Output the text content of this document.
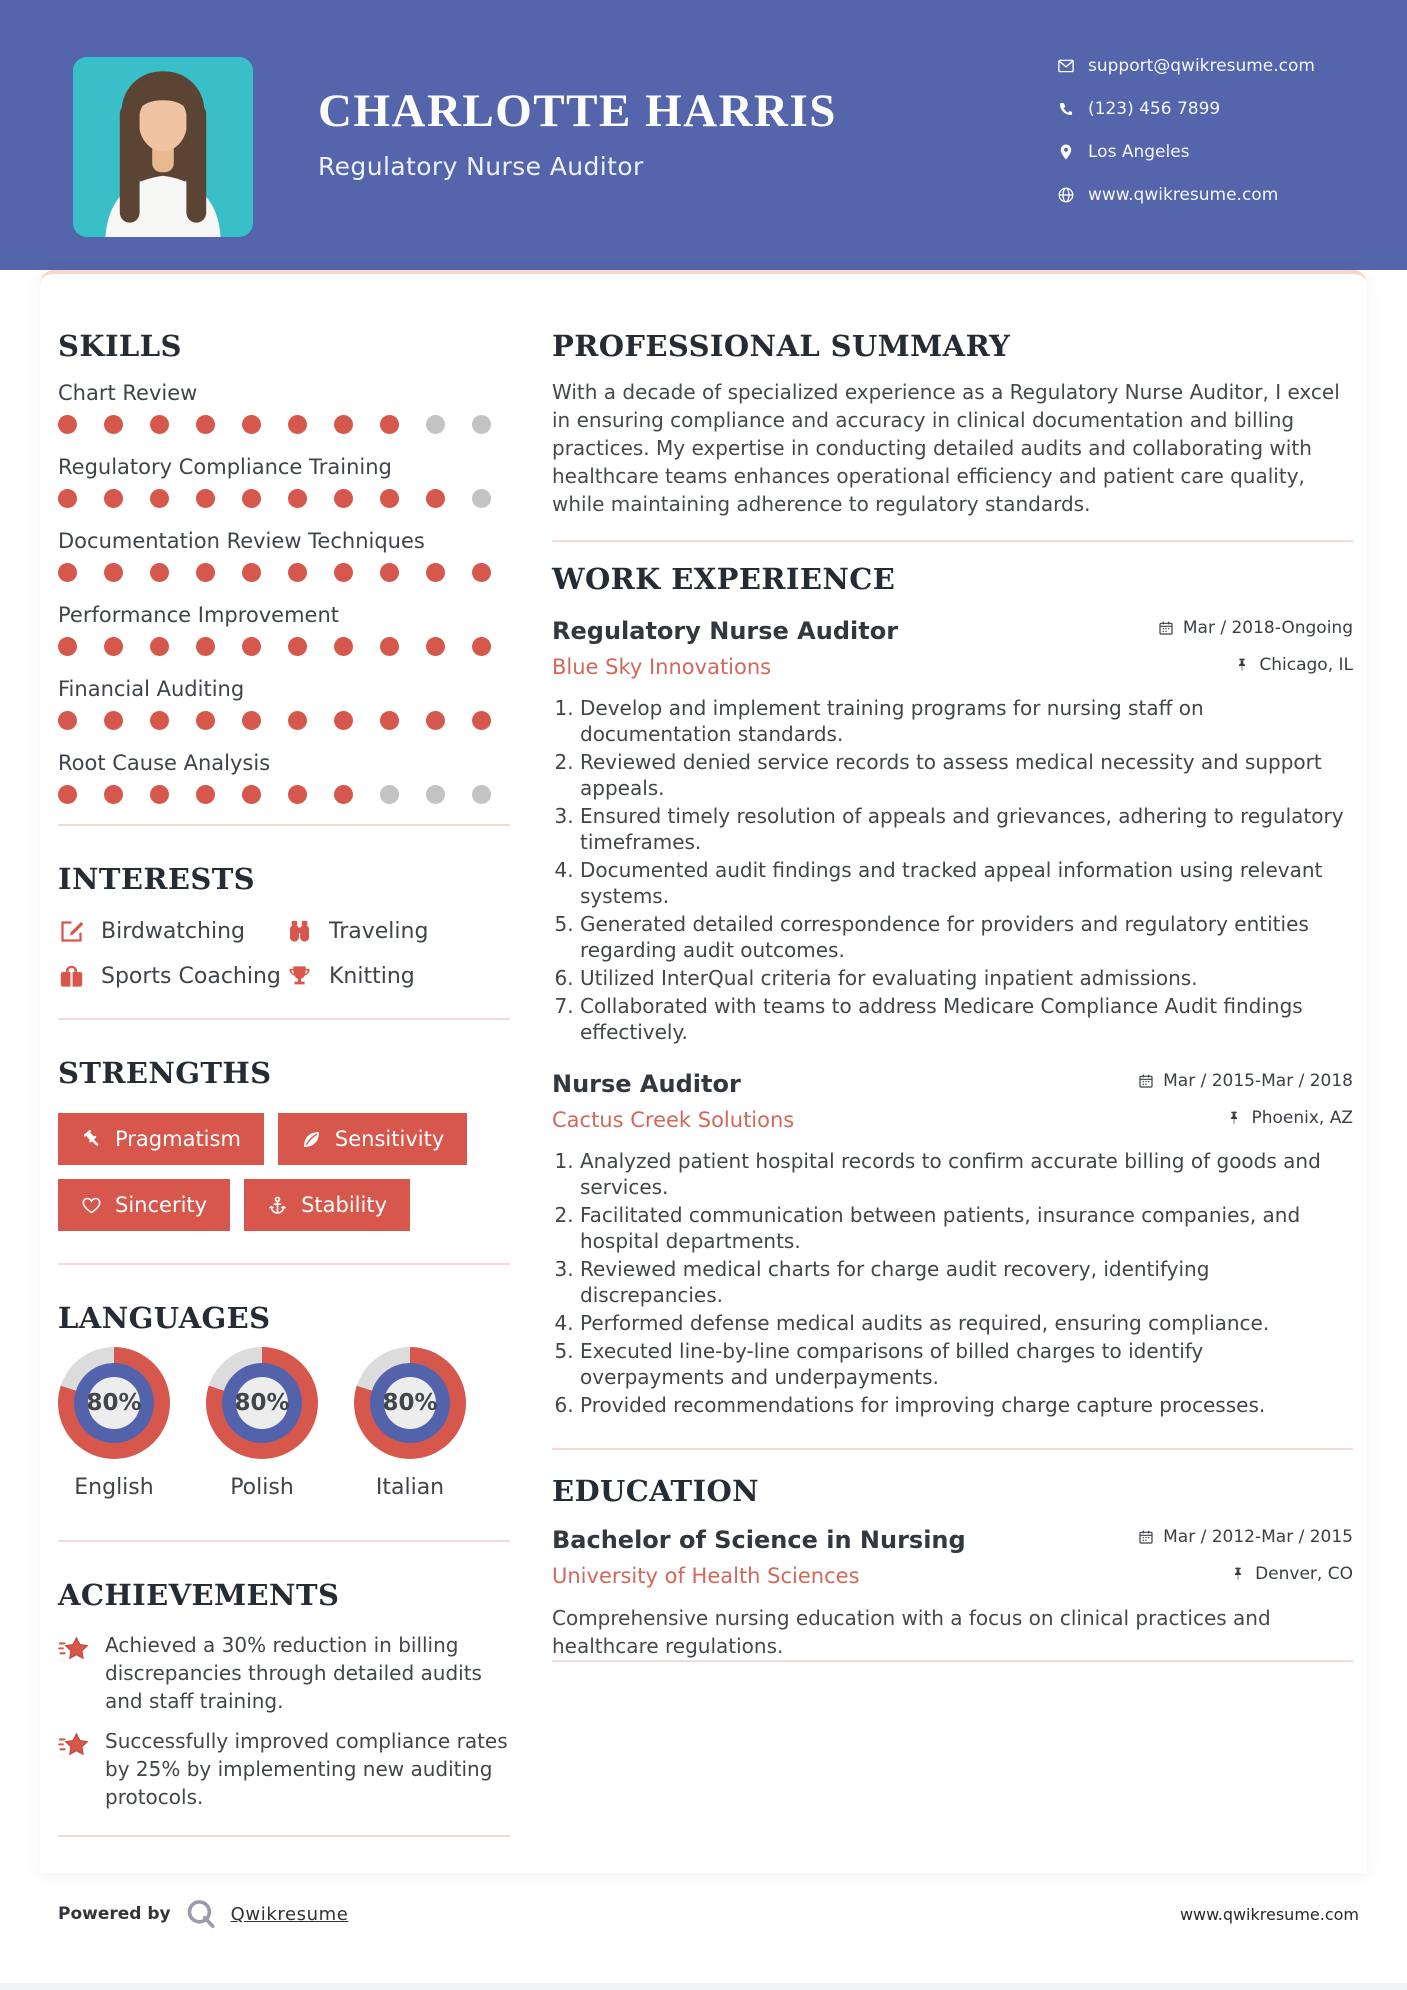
CHARLOTTE HARRIS
Regulatory Nurse Auditor
support@qwikresume.com
(123) 456 7899
Los Angeles
www.qwikresume.com
SKILLS
Chart Review
Regulatory Compliance Training
Documentation Review Techniques
Performance Improvement
Financial Auditing
Root Cause Analysis
INTERESTS
Birdwatching	Traveling
Sports Coaching Knitting
STRENGTHS
Pragmatism	Sensitivity
Sincerity	Stability
LANGUAGES
80%
English
80%
Polish
80%
Italian
ACHIEVEMENTS
Achieved a 30% reduction in billing discrepancies through detailed audits and staff training.
Successfully improved compliance rates by 25% by implementing new auditing protocols.
PROFESSIONAL SUMMARY

With a decade of specialized experience as a Regulatory Nurse Auditor, I excel in ensuring compliance and accuracy in clinical documentation and billing practices. My expertise in conducting detailed audits and collaborating with healthcare teams enhances operational efficiency and patient care quality, while maintaining adherence to regulatory standards.

WORK EXPERIENCE
Regulatory Nurse Auditor
Blue Sky Innovations
Mar / 2018-Ongoing
Chicago, IL
1. Develop and implement training programs for nursing staff on documentation standards.
2. Reviewed denied service records to assess medical necessity and support appeals.
3. Ensured timely resolution of appeals and grievances, adhering to regulatory timeframes.
4. Documented audit findings and tracked appeal information using relevant systems.
5. Generated detailed correspondence for providers and regulatory entities regarding audit outcomes.
6. Utilized InterQual criteria for evaluating inpatient admissions.
7. Collaborated with teams to address Medicare Compliance Audit findings effectively.
Nurse Auditor
Cactus Creek Solutions
Mar / 2015-Mar / 2018
Phoenix, AZ
1. Analyzed patient hospital records to confirm accurate billing of goods and services.
2. Facilitated communication between patients, insurance companies, and hospital departments.
3. Reviewed medical charts for charge audit recovery, identifying discrepancies.
4. Performed defense medical audits as required, ensuring compliance.
5. Executed line-by-line comparisons of billed charges to identify overpayments and underpayments.
6. Provided recommendations for improving charge capture processes.
EDUCATION
Bachelor of Science in Nursing
University of Health Sciences
Mar / 2012-Mar / 2015
Denver, CO

Comprehensive nursing education with a focus on clinical practices and healthcare regulations.

Powered by	Qwikresume	www.qwikresume.com
